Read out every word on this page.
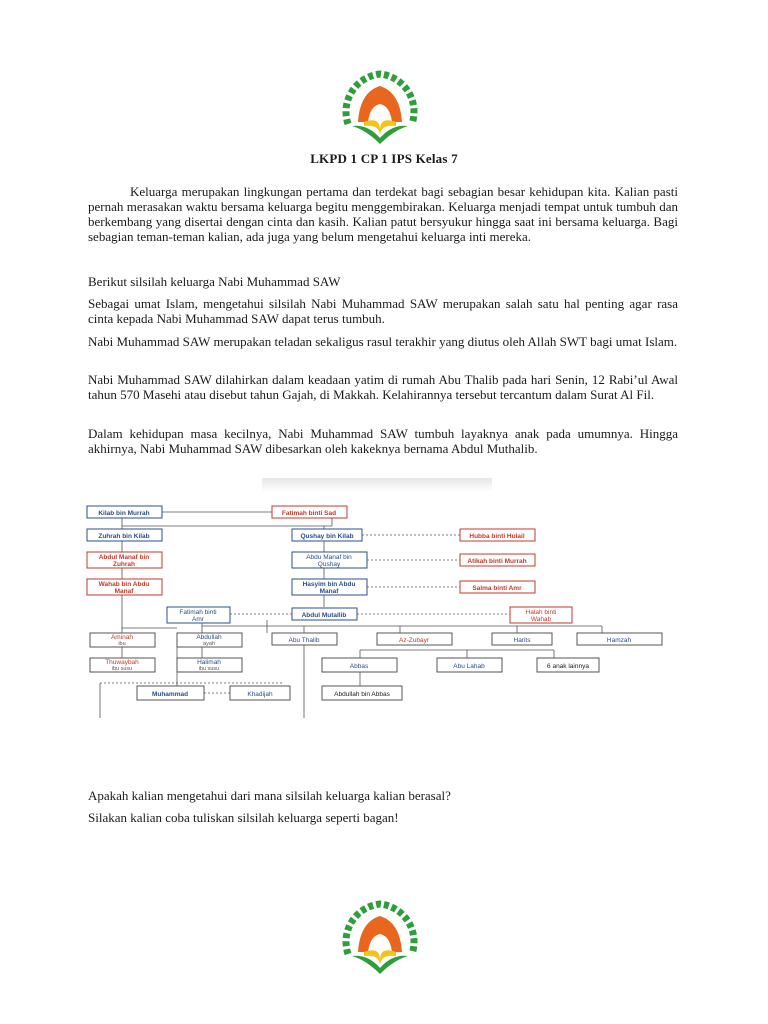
LKPD 1 CP 1 IPS Kelas 7

Keluarga merupakan lingkungan pertama dan terdekat bagi sebagian besar kehidupan kita. Kalian pasti pernah merasakan waktu bersama keluarga begitu menggembirakan. Keluarga menjadi tempat untuk tumbuh dan berkembang yang disertai dengan cinta dan kasih. Kalian patut bersyukur hingga saat ini bersama keluarga. Bagi sebagian teman-teman kalian, ada juga yang belum mengetahui keluarga inti mereka.

Berikut silsilah keluarga Nabi Muhammad SAW

Sebagai umat Islam, mengetahui silsilah Nabi Muhammad SAW merupakan salah satu hal penting agar rasa cinta kepada Nabi Muhammad SAW dapat terus tumbuh.

Nabi Muhammad SAW merupakan teladan sekaligus rasul terakhir yang diutus oleh Allah SWT bagi umat Islam.

Nabi Muhammad SAW dilahirkan dalam keadaan yatim di rumah Abu Thalib pada hari Senin, 12 Rabi’ul Awal tahun 570 Masehi atau disebut tahun Gajah, di Makkah. Kelahirannya tersebut tercantum dalam Surat Al Fil.

Dalam kehidupan masa kecilnya, Nabi Muhammad SAW tumbuh layaknya anak pada umumnya. Hingga akhirnya, Nabi Muhammad SAW dibesarkan oleh kakeknya bernama Abdul Muthalib.

Kilab bin Murrah	Fatimah binti Sad
Zuhrah bin Kilab	Qushay bin Kilab	Hubba binti Hulail
Abdul Manaf bin
Zuhrah
Abdu Manaf bin
Qushay	Atikah binti Murrah
Wahab bin Abdu
Manaf
Hasyim bin Abdu
Manaf	Salma binti Amr
Fatimah binti
Amr
Abdul Mutallib	Halah binti
Wahab
Aminah
ibu
Abdullah
ayah	Abu Thalib	Az-Zubayr	Harits	Hamzah
Thuwaybah
ibu susu
Halimah
ibu susu	Abbas	Abu Lahab	6 anak lainnya
Muhammad	Khadijah	Abdullah bin Abbas

Apakah kalian mengetahui dari mana silsilah keluarga kalian berasal?

Silakan kalian coba tuliskan silsilah keluarga seperti bagan!
